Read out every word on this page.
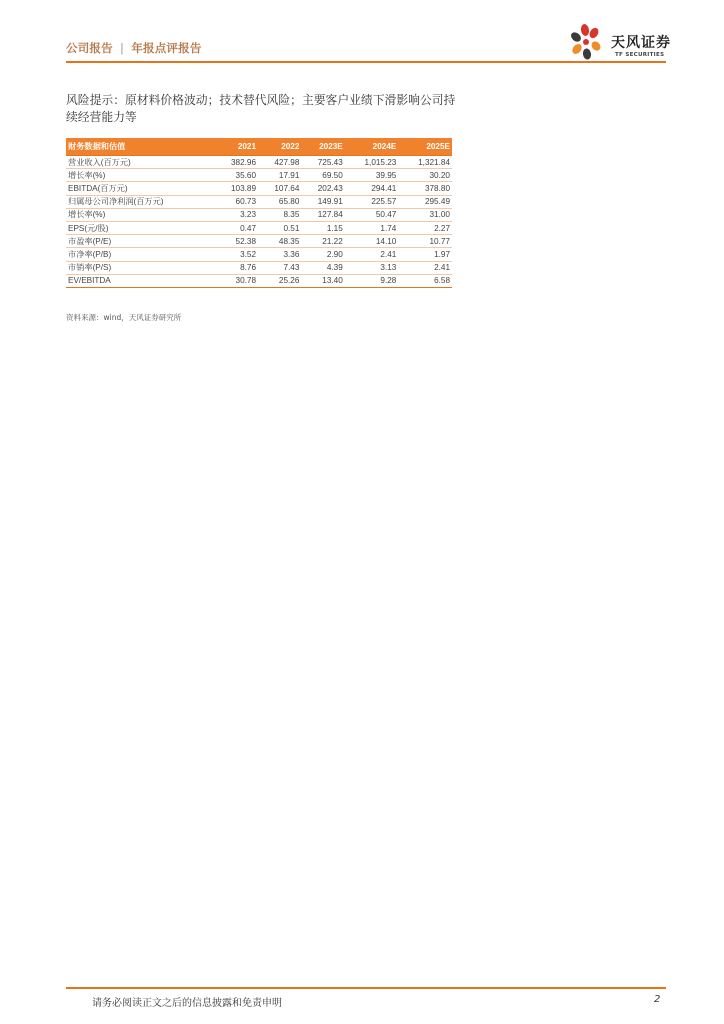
公司报告 | 年报点评报告	天风证券
TF SECURITIES
风险提示：原材料价格波动；技术替代风险；主要客户业绩下滑影响公司持续经营能力等
财务数据和估值	2021	2022	2023E	2024E	2025E
营业收入(百万元)	382.96	427.98	725.43	1,015.23	1,321.84
增长率(%)	35.60	17.91	69.50	39.95	30.20
EBITDA(百万元)	103.89	107.64	202.43	294.41	378.80
归属母公司净利润(百万元)	60.73	65.80	149.91	225.57	295.49
增长率(%)	3.23	8.35	127.84	50.47	31.00
EPS(元/股)	0.47	0.51	1.15	1.74	2.27
市盈率(P/E)	52.38	48.35	21.22	14.10	10.77
市净率(P/B)	3.52	3.36	2.90	2.41	1.97
市销率(P/S)	8.76	7.43	4.39	3.13	2.41
EV/EBITDA	30.78	25.26	13.40	9.28	6.58
资料来源：wind，天风证券研究所
请务必阅读正文之后的信息披露和免责申明	2
